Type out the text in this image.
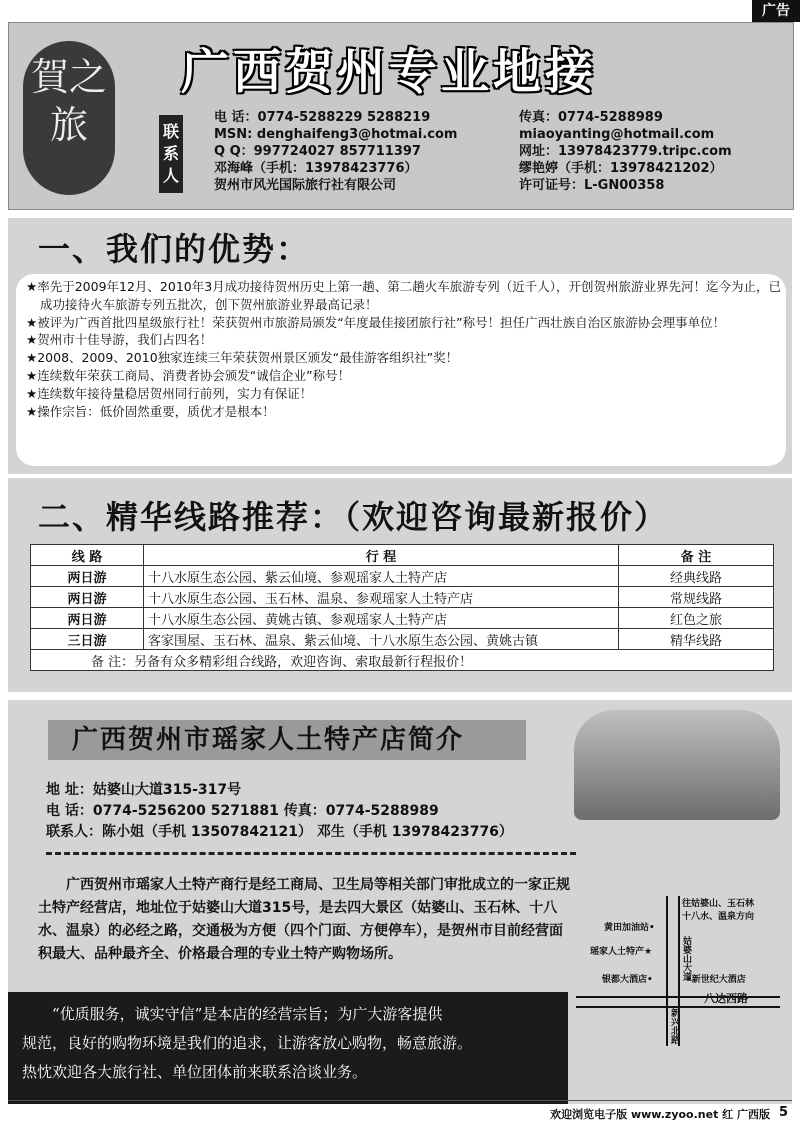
广告
賀之旅
广西贺州专业地接
联系人
电 话：0774-5288229 5288219
MSN: denghaifeng3@hotmai.com
Q Q：997724027 857711397
邓海峰（手机：13978423776）
贺州市风光国际旅行社有限公司
传真：0774-5288989
miaoyanting@hotmail.com
网址：13978423779.tripc.com
缪艳婷（手机：13978421202）
许可证号：L-GN00358
一、我们的优势：
★率先于2009年12月、2010年3月成功接待贺州历史上第一趟、第二趟火车旅游专列（近千人），开创贺州旅游业界先河！迄今为止，已成功接待火车旅游专列五批次，创下贺州旅游业界最高记录！
★被评为广西首批四星级旅行社！荣获贺州市旅游局颁发“年度最佳接团旅行社”称号！担任广西壮族自治区旅游协会理事单位！
★贺州市十佳导游，我们占四名！
★2008、2009、2010独家连续三年荣获贺州景区颁发“最佳游客组织社”奖！
★连续数年荣获工商局、消费者协会颁发“诚信企业”称号！
★连续数年接待量稳居贺州同行前列，实力有保证！
★操作宗旨：低价固然重要，质优才是根本！
二、精华线路推荐：（欢迎咨询最新报价）
线 路	行 程	备 注
两日游	十八水原生态公园、紫云仙境、参观瑶家人土特产店	经典线路
两日游	十八水原生态公园、玉石林、温泉、参观瑶家人土特产店	常规线路
两日游	十八水原生态公园、黄姚古镇、参观瑶家人土特产店	红色之旅
三日游	客家围屋、玉石林、温泉、紫云仙境、十八水原生态公园、黄姚古镇	精华线路
备 注：另备有众多精彩组合线路，欢迎咨询、索取最新行程报价！		
广西贺州市瑶家人土特产店简介
地 址：姑婆山大道315-317号
电 话：0774-5256200 5271881 传真：0774-5288989
联系人：陈小姐（手机 13507842121） 邓生（手机 13978423776）
广西贺州市瑶家人土特产商行是经工商局、卫生局等相关部门审批成立的一家正规土特产经营店，地址位于姑婆山大道315号，是去四大景区（姑婆山、玉石林、十八水、温泉）的必经之路，交通极为方便（四个门面、方便停车），是贺州市目前经营面积最大、品种最齐全、价格最合理的专业土特产购物场所。
往姑婆山、玉石林
十八水、温泉方向
黄田加油站•
姑婆山大道
瑶家人土特产★
银都大酒店•	•新世纪大酒店
八达西路
新兴北路
“优质服务，诚实守信”是本店的经营宗旨；为广大游客提供
规范，良好的购物环境是我们的追求，让游客放心购物，畅意旅游。
热忱欢迎各大旅行社、单位团体前来联系洽谈业务。
欢迎浏览电子版 www.zyoo.net 红 广西版 5
